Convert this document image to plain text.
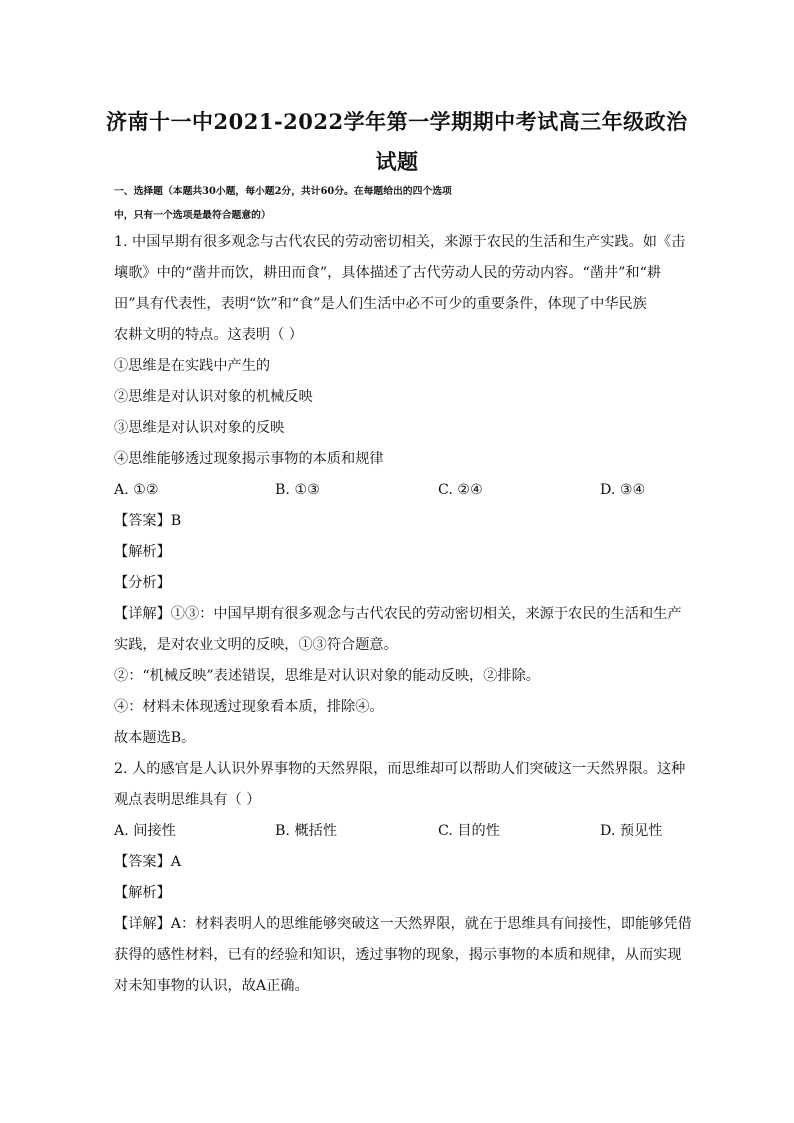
济南十一中2021-2022学年第一学期期中考试高三年级政治
试题
一、选择题（本题共30小题，每小题2分，共计60分。在每题给出的四个选项
中，只有一个选项是最符合题意的）
1. 中国早期有很多观念与古代农民的劳动密切相关，来源于农民的生活和生产实践。如《击
壤歌》中的“凿井而饮，耕田而食”，具体描述了古代劳动人民的劳动内容。“凿井”和“耕
田”具有代表性，表明“饮”和“食”是人们生活中必不可少的重要条件，体现了中华民族
农耕文明的特点。这表明（ ）
①思维是在实践中产生的
②思维是对认识对象的机械反映
③思维是对认识对象的反映
④思维能够透过现象揭示事物的本质和规律
A. ①②	B. ①③	C. ②④	D. ③④
【答案】B
【解析】
【分析】
【详解】①③：中国早期有很多观念与古代农民的劳动密切相关，来源于农民的生活和生产
实践，是对农业文明的反映，①③符合题意。
②：“机械反映”表述错误，思维是对认识对象的能动反映，②排除。
④：材料未体现透过现象看本质，排除④。
故本题选B。
2. 人的感官是人认识外界事物的天然界限，而思维却可以帮助人们突破这一天然界限。这种
观点表明思维具有（ ）
A. 间接性	B. 概括性	C. 目的性	D. 预见性
【答案】A
【解析】
【详解】A：材料表明人的思维能够突破这一天然界限，就在于思维具有间接性，即能够凭借
获得的感性材料，已有的经验和知识，透过事物的现象，揭示事物的本质和规律，从而实现
对未知事物的认识，故A正确。
